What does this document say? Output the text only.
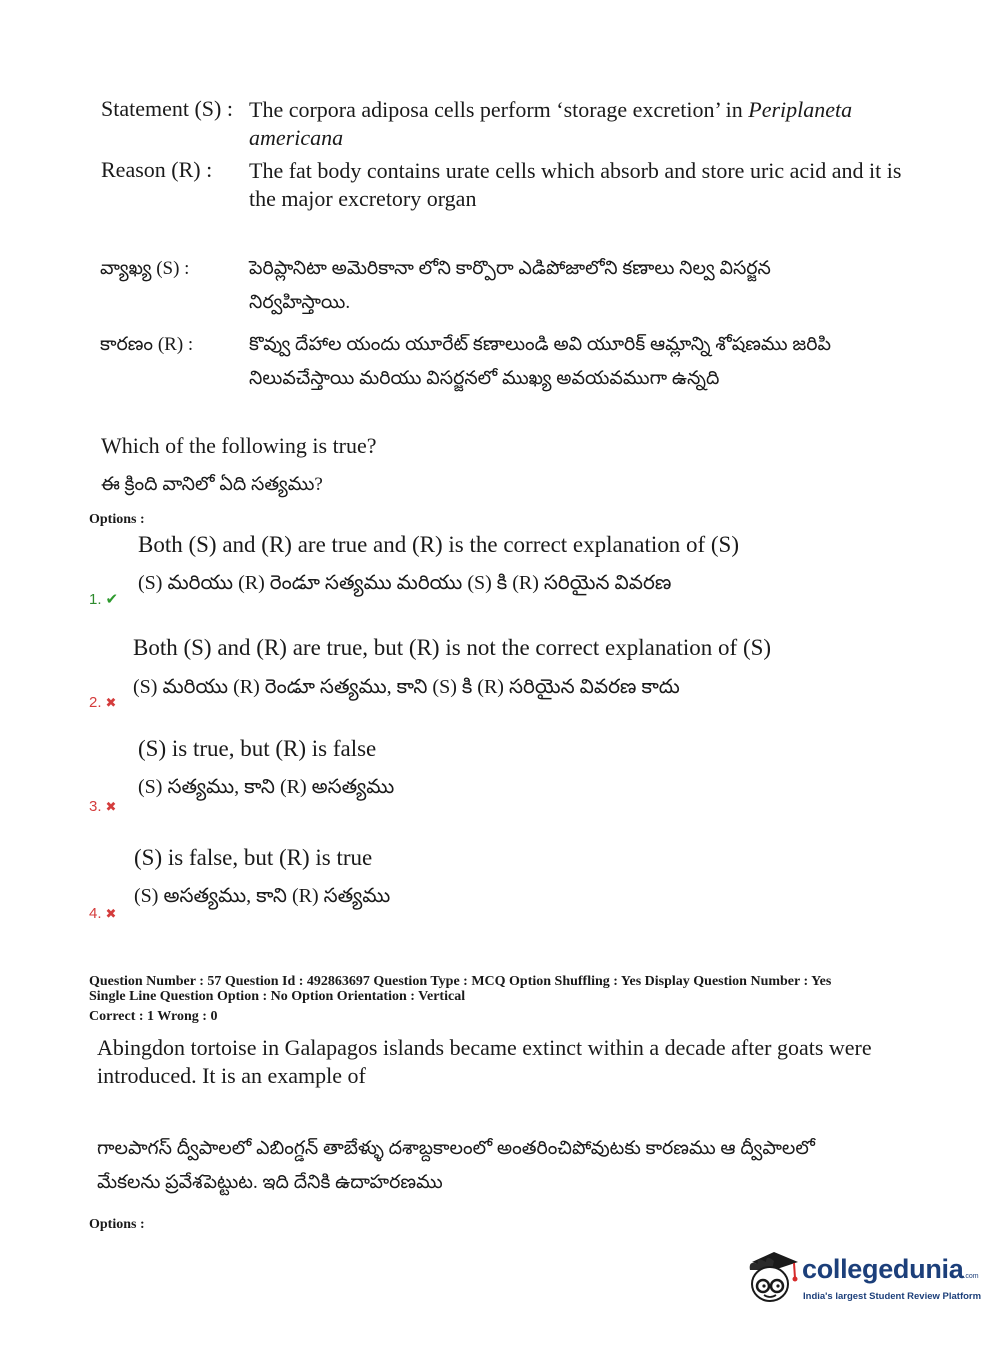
Statement (S) : The corpora adiposa cells perform ‘storage excretion’ in Periplaneta
americana
Reason (R) : The fat body contains urate cells which absorb and store uric acid and it is
the major excretory organ
వ్యాఖ్య (S) :	పెరిప్లానిటా అమెరికానా లోని కార్పొరా ఎడిపోజాలోని కణాలు నిల్వ విసర్జన
నిర్వహిస్తాయి.
కారణం (R) :	కొవ్వు దేహాల యందు యూరేట్ కణాలుండి అవి యూరిక్ ఆమ్లాన్ని శోషణము జరిపి
నిలువచేస్తాయి మరియు విసర్జనలో ముఖ్య అవయవముగా ఉన్నది
Which of the following is true?
ఈ క్రింది వానిలో ఏది సత్యము?
Options :
Both (S) and (R) are true and (R) is the correct explanation of (S)
(S) మరియు (R) రెండూ సత్యము మరియు (S) కి (R) సరియైన వివరణ
1. ✔
Both (S) and (R) are true, but (R) is not the correct explanation of (S)
(S) మరియు (R) రెండూ సత్యము, కాని (S) కి (R) సరియైన వివరణ కాదు
2. ✖
(S) is true, but (R) is false
(S) సత్యము, కాని (R) అసత్యము
3. ✖
(S) is false, but (R) is true
(S) అసత్యము, కాని (R) సత్యము
4. ✖
Question Number : 57 Question Id : 492863697 Question Type : MCQ Option Shuffling : Yes Display Question Number : Yes
Single Line Question Option : No Option Orientation : Vertical
Correct : 1 Wrong : 0
Abingdon tortoise in Galapagos islands became extinct within a decade after goats were
introduced. It is an example of
గాలపాగస్ ద్వీపాలలో ఎబింగ్డన్ తాబేళ్ళు దశాబ్దకాలంలో అంతరించిపోవుటకు కారణము ఆ ద్వీపాలలో
మేకలను ప్రవేశపెట్టుట. ఇది దేనికి ఉదాహరణము
Options :
collegedunia.com
India's largest Student Review Platform
